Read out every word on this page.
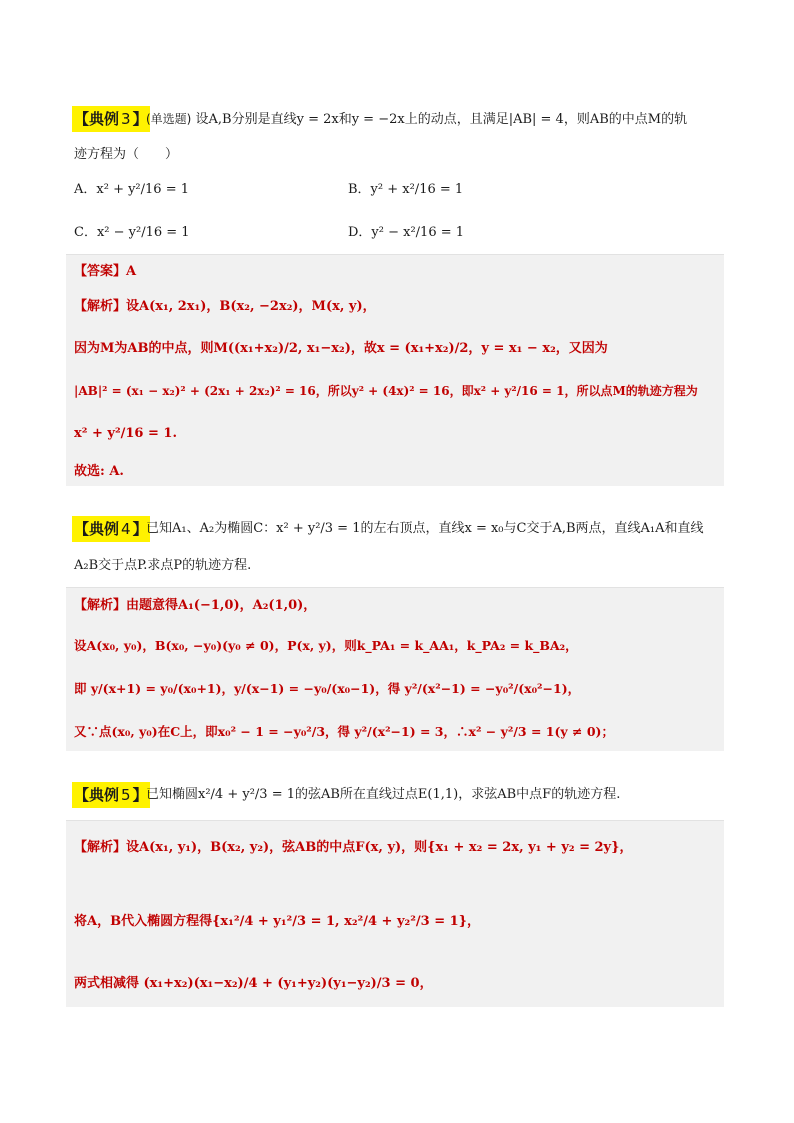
【典例 3 】
(单选题) 设A,B分别是直线y = 2x和y = −2x上的动点，且满足|AB| = 4，则AB的中点M的轨
迹方程为（　　）
A．x² + y²/16 = 1	B．y² + x²/16 = 1
C．x² − y²/16 = 1	D．y² − x²/16 = 1
【答案】A
【解析】设A(x₁, 2x₁)，B(x₂, −2x₂)，M(x, y)，
因为M为AB的中点，则M((x₁+x₂)/2, x₁−x₂)，故x = (x₁+x₂)/2，y = x₁ − x₂，又因为
|AB|² = (x₁ − x₂)² + (2x₁ + 2x₂)² = 16，所以y² + (4x)² = 16，即x² + y²/16 = 1，所以点M的轨迹方程为
x² + y²/16 = 1.
故选: A.
【典例 4 】
已知A₁、A₂为椭圆C：x² + y²/3 = 1的左右顶点，直线x = x₀与C交于A,B两点，直线A₁A和直线
A₂B交于点P.求点P的轨迹方程.
【解析】由题意得A₁(−1,0)，A₂(1,0)，
设A(x₀, y₀)，B(x₀, −y₀)(y₀ ≠ 0)，P(x, y)，则k_PA₁ = k_AA₁，k_PA₂ = k_BA₂，
即 y/(x+1) = y₀/(x₀+1)，y/(x−1) = −y₀/(x₀−1)，得 y²/(x²−1) = −y₀²/(x₀²−1)，
又∵点(x₀, y₀)在C上，即x₀² − 1 = −y₀²/3，得 y²/(x²−1) = 3，∴x² − y²/3 = 1(y ≠ 0)；
【典例 5 】
已知椭圆x²/4 + y²/3 = 1的弦AB所在直线过点E(1,1)，求弦AB中点F的轨迹方程.
【解析】设A(x₁, y₁)，B(x₂, y₂)，弦AB的中点F(x, y)，则{x₁ + x₂ = 2x, y₁ + y₂ = 2y}，
将A，B代入椭圆方程得{x₁²/4 + y₁²/3 = 1, x₂²/4 + y₂²/3 = 1}，
两式相减得 (x₁+x₂)(x₁−x₂)/4 + (y₁+y₂)(y₁−y₂)/3 = 0，
